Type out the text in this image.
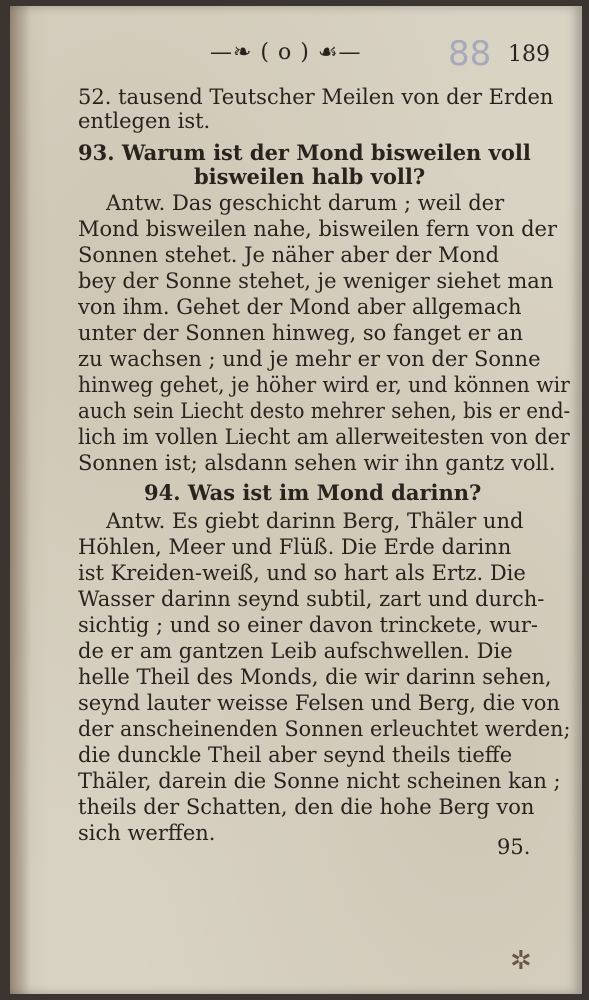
—❧ ( o ) ☙—	88 189
52. tausend Teutscher Meilen von der Erden
entlegen ist.
93. Warum ist der Mond bisweilen voll
bisweilen halb voll?
Antw. Das geschicht darum ; weil der
Mond bisweilen nahe, bisweilen fern von der
Sonnen stehet. Je näher aber der Mond
bey der Sonne stehet, je weniger siehet man
von ihm. Gehet der Mond aber allgemach
unter der Sonnen hinweg, so fanget er an
zu wachsen ; und je mehr er von der Sonne
hinweg gehet, je höher wird er, und können wir
auch sein Liecht desto mehrer sehen, bis er end-
lich im vollen Liecht am allerweitesten von der
Sonnen ist; alsdann sehen wir ihn gantz voll.
94. Was ist im Mond darinn?
Antw. Es giebt darinn Berg, Thäler und
Höhlen, Meer und Flüß. Die Erde darinn
ist Kreiden-weiß, und so hart als Ertz. Die
Wasser darinn seynd subtil, zart und durch-
sichtig ; und so einer davon trinckete, wur-
de er am gantzen Leib aufschwellen. Die
helle Theil des Monds, die wir darinn sehen,
seynd lauter weisse Felsen und Berg, die von
der anscheinenden Sonnen erleuchtet werden;
die dunckle Theil aber seynd theils tieffe
Thäler, darein die Sonne nicht scheinen kan ;
theils der Schatten, den die hohe Berg von
sich werffen.
95.
✲
